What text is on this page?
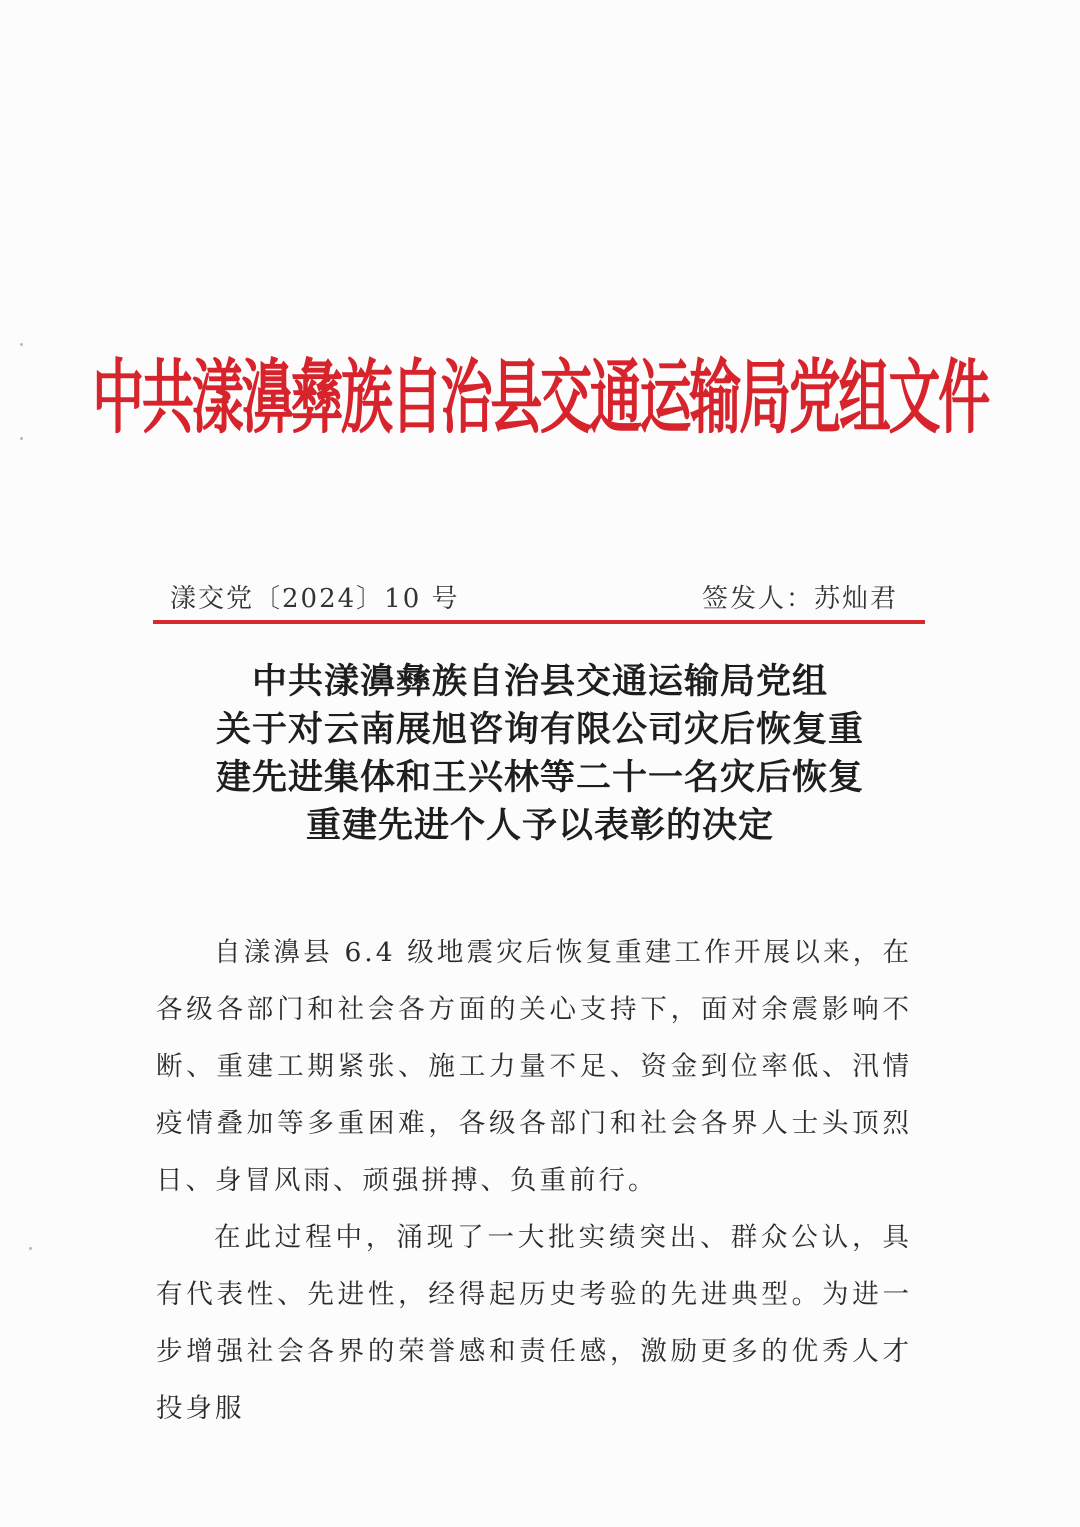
中共漾濞彝族自治县交通运输局党组文件
漾交党〔2024〕10 号	签发人：苏灿君
中共漾濞彝族自治县交通运输局党组
关于对云南展旭咨询有限公司灾后恢复重
建先进集体和王兴林等二十一名灾后恢复
重建先进个人予以表彰的决定

自漾濞县 6.4 级地震灾后恢复重建工作开展以来，在各级各部门和社会各方面的关心支持下，面对余震影响不断、重建工期紧张、施工力量不足、资金到位率低、汛情疫情叠加等多重困难，各级各部门和社会各界人士头顶烈日、身冒风雨、顽强拼搏、负重前行。

在此过程中，涌现了一大批实绩突出、群众公认，具有代表性、先进性，经得起历史考验的先进典型。为进一步增强社会各界的荣誉感和责任感，激励更多的优秀人才投身服
